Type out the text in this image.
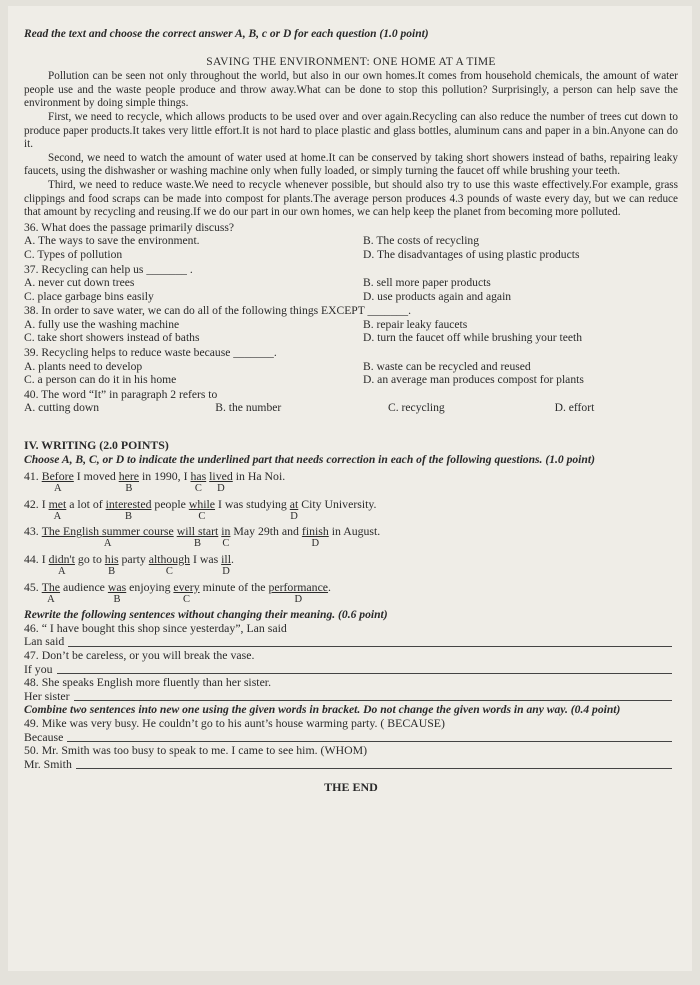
Read the text and choose the correct answer A, B, c or D for each question (1.0 point)
SAVING THE ENVIRONMENT: ONE HOME AT A TIME

Pollution can be seen not only throughout the world, but also in our own homes.It comes from household chemicals, the amount of water people use and the waste people produce and throw away.What can be done to stop this pollution? Surprisingly, a person can help save the environment by doing simple things.

First, we need to recycle, which allows products to be used over and over again.Recycling can also reduce the number of trees cut down to produce paper products.It takes very little effort.It is not hard to place plastic and glass bottles, aluminum cans and paper in a bin.Anyone can do it.

Second, we need to watch the amount of water used at home.It can be conserved by taking short showers instead of baths, repairing leaky faucets, using the dishwasher or washing machine only when fully loaded, or simply turning the faucet off while brushing your teeth.

Third, we need to reduce waste.We need to recycle whenever possible, but should also try to use this waste effectively.For example, grass clippings and food scraps can be made into compost for plants.The average person produces 4.3 pounds of waste every day, but we can reduce that amount by recycling and reusing.If we do our part in our own homes, we can help keep the planet from becoming more polluted.

36. What does the passage primarily discuss?
A. The ways to save the environment.	B. The costs of recycling
C. Types of pollution	D. The disadvantages of using plastic products
37. Recycling can help us _______ .
A. never cut down trees	B. sell more paper products
C. place garbage bins easily	D. use products again and again
38. In order to save water, we can do all of the following things EXCEPT _______.
A. fully use the washing machine	B. repair leaky faucets
C. take short showers instead of baths	D. turn the faucet off while brushing your teeth
39. Recycling helps to reduce waste because _______.
A. plants need to develop	B. waste can be recycled and reused
C. a person can do it in his home	D. an average man produces compost for plants
40. The word “It” in paragraph 2 refers to
A. cutting down	B. the number	C. recycling	D. effort
IV. WRITING (2.0 POINTS)
Choose A, B, C, or D to indicate the underlined part that needs correction in each of the following questions. (1.0 point)
41. Before
A
I moved here
B
in 1990, I has
C
lived
D
in Ha Noi.
42. I met
A
a lot of interested
B
people while
C
I was studying at
D
City University.
43. The English summer course
A
will start
B
in
C
May 29th and finish
D
in August.
44. I didn't
A
go to his
B
party although
C
I was ill
D
.
45. The
A
audience was
B
enjoying every
C
minute of the performance
D
.
Rewrite the following sentences without changing their meaning. (0.6 point)
46. “ I have bought this shop since yesterday”, Lan said
Lan said
47. Don’t be careless, or you will break the vase.
If you
48. She speaks English more fluently than her sister.
Her sister
Combine two sentences into new one using the given words in bracket. Do not change the given words in any way. (0.4 point)
49. Mike was very busy. He couldn’t go to his aunt’s house warming party. ( BECAUSE)
Because
50. Mr. Smith was too busy to speak to me. I came to see him. (WHOM)
Mr. Smith
THE END
